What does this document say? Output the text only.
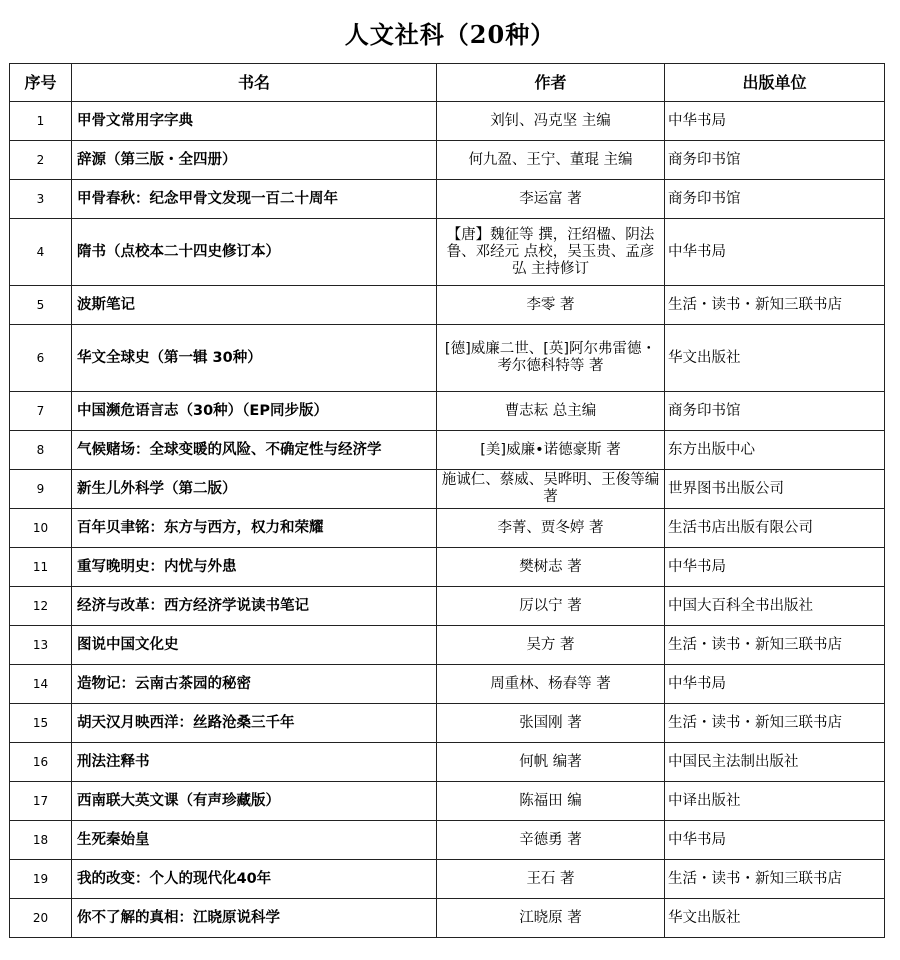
人文社科（20种）
序号	书名	作者	出版单位
1	甲骨文常用字字典	刘钊、冯克坚 主编	中华书局
2	辞源（第三版・全四册）	何九盈、王宁、董琨 主编	商务印书馆
3	甲骨春秋：纪念甲骨文发现一百二十周年	李运富 著	商务印书馆
4	隋书（点校本二十四史修订本）	【唐】魏征等 撰，汪绍楹、阴法鲁、邓经元 点校，吴玉贵、孟彦弘 主持修订	中华书局
5	波斯笔记	李零 著	生活・读书・新知三联书店
6	华文全球史（第一辑 30种）	[德]威廉二世、[英]阿尔弗雷德・考尔德科特等 著	华文出版社
7	中国濒危语言志（30种）（EP同步版）	曹志耘 总主编	商务印书馆
8	气候赌场：全球变暖的风险、不确定性与经济学	[美]威廉•诺德豪斯 著	东方出版中心
9	新生儿外科学（第二版）	施诚仁、蔡威、吴晔明、王俊等编著	世界图书出版公司
10	百年贝聿铭：东方与西方，权力和荣耀	李菁、贾冬婷 著	生活书店出版有限公司
11	重写晚明史：内忧与外患	樊树志 著	中华书局
12	经济与改革：西方经济学说读书笔记	厉以宁 著	中国大百科全书出版社
13	图说中国文化史	吴方 著	生活・读书・新知三联书店
14	造物记：云南古茶园的秘密	周重林、杨春等 著	中华书局
15	胡天汉月映西洋：丝路沧桑三千年	张国刚 著	生活・读书・新知三联书店
16	刑法注释书	何帆 编著	中国民主法制出版社
17	西南联大英文课（有声珍藏版）	陈福田 编	中译出版社
18	生死秦始皇	辛德勇 著	中华书局
19	我的改变：个人的现代化40年	王石 著	生活・读书・新知三联书店
20	你不了解的真相：江晓原说科学	江晓原 著	华文出版社
